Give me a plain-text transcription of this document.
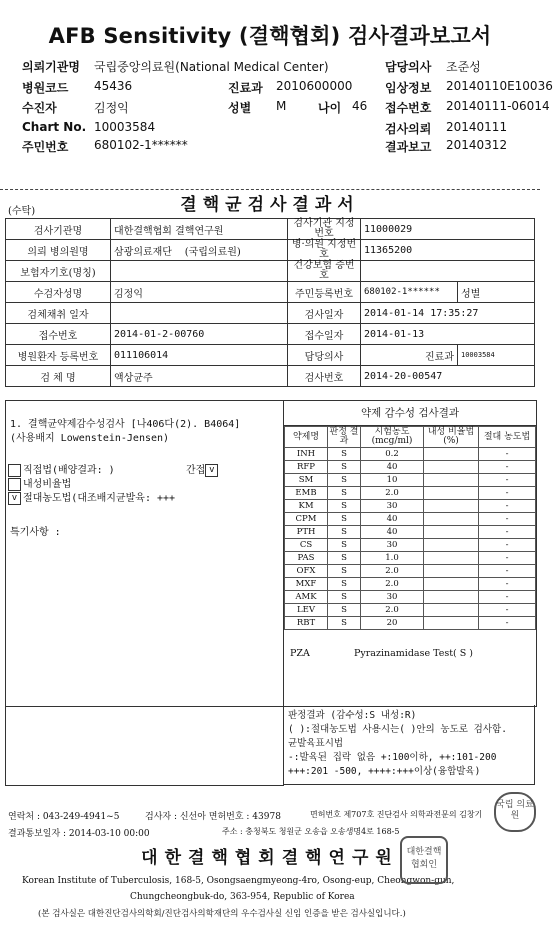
AFB Sensitivity (결핵협회) 검사결과보고서
의뢰기관명 국립중앙의료원(National Medical Center)	담당의사 조준성
병원코드 45436	진료과 2010600000	임상정보 20140110E10036
수진자	김정익	성별 M	나이 46 접수번호 20140111-06014
Chart No. 10003584	검사의뢰 20140111
주민번호 680102-1******	결과보고 20140312
(수탁)	결핵균검사결과서
검사기관명	대한결핵협회 결핵연구원	검사기관 지정번호	11000029	
의뢰 병의원명	삼광의료재단 (국립의료원)	병·의원 지정번호	11365200	
보험자기호(명칭)		건강보험 증번호		
수검자성명	김정익	주민등록번호	680102-1******	성별
검체채취 일자		검사일자	2014-01-14 17:35:27	
접수번호	2014-01-2-00760	접수일자	2014-01-13	
병원환자 등록번호	011106014	담당의사	진료과	10003584
검 체 명	액상균주	검사번호	2014-20-00547	
1. 결핵균약제감수성검사 [나406다(2). B4064]
(사용배지 Lowenstein-Jensen)
직접법(배양결과: )	간접 v
내성비율법
v 절대농도법(대조배지균발육: +++
특기사항 :
약제 감수성 검사결과
약제명	판정 결과	시험농도 (mcg/ml)	내성 비율법(%)	절대 농도법
INH	S	0.2		-
RFP	S	40		-
SM	S	10		-
EMB	S	2.0		-
KM	S	30		-
CPM	S	40		-
PTH	S	40		-
CS	S	30		-
PAS	S	1.0		-
OFX	S	2.0		-
MXF	S	2.0		-
AMK	S	30		-
LEV	S	2.0		-
RBT	S	20		-
PZA	Pyrazinamidase Test( S )
판정결과 (감수성:S 내성:R)
( ):절대농도법 사용시는( )안의 농도로 검사함.
균발육표시법
-:발육된 집락 없음 +:100이하, ++:101-200
+++:201 -500, ++++:+++이상(융합발육)
연락처 : 043-249-4941~5	검사자 : 신선아 면허번호 : 43978	면허번호 제707호 진단검사 의학과전문의 김창기
결과통보일자 : 2014-03-10 00:00	주소 : 충청북도 청원군 오송읍 오송생명4로 168-5
대한결핵협회결핵연구원
Korean Institute of Tuberculosis, 168-5, Osongsaengmyeong-4ro, Osong-eup, Cheongwon-gun,
Chungcheongbuk-do, 363-954, Republic of Korea
(본 검사실은 대한진단검사의학회/진단검사의학재단의 우수검사실 신임 인증을 받은 검사실입니다.)
국립 의료원
대한결핵 협회인
